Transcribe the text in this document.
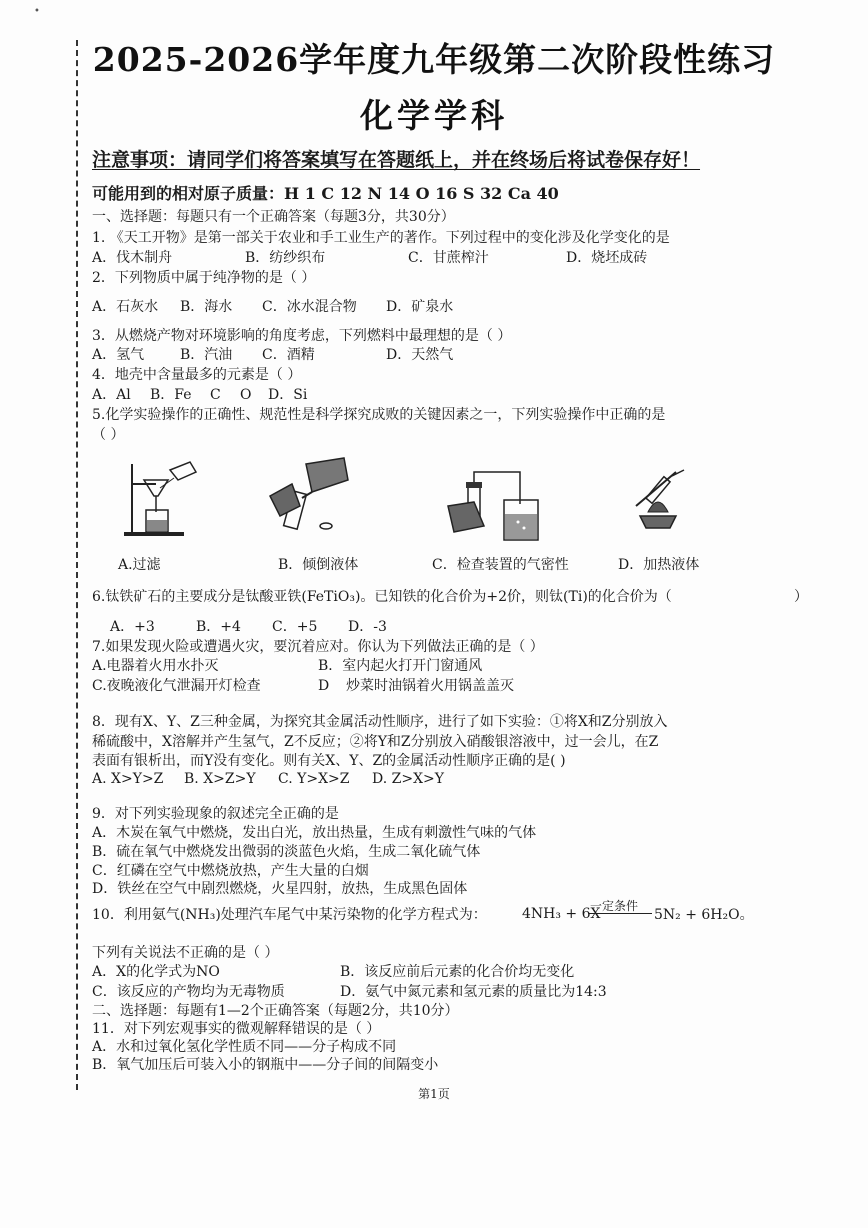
•
2025-2026学年度九年级第二次阶段性练习
化学学科
注意事项：请同学们将答案填写在答题纸上，并在终场后将试卷保存好！
可能用到的相对原子质量：H 1 C 12 N 14 O 16 S 32 Ca 40
一、选择题：每题只有一个正确答案（每题3分，共30分）
1. 《天工开物》是第一部关于农业和手工业生产的著作。下列过程中的变化涉及化学变化的是
A．伐木制舟	B．纺纱织布	C．甘蔗榨汁	D．烧坯成砖
2．下列物质中属于纯净物的是（ ）
A．石灰水 B．海水 C．冰水混合物 D．矿泉水
3．从燃烧产物对环境影响的角度考虑，下列燃料中最理想的是（ ）
A．氢气	B．汽油 C．酒精	D．天然气
4．地壳中含量最多的元素是（ ）
A．Al B．Fe C O D．Si
5.化学实验操作的正确性、规范性是科学探究成败的关键因素之一，下列实验操作中正确的是
（ ）
A.过滤	B．倾倒液体	C．检查装置的气密性	D．加热液体
6.钛铁矿石的主要成分是钛酸亚铁(FeTiO₃)。已知铁的化合价为+2价，则钛(Ti)的化合价为（	）
A．+3	B．+4 C．+5 D．-3
7.如果发现火险或遭遇火灾，要沉着应对。你认为下列做法正确的是（ ）
A.电器着火用水扑灭	B．室内起火打开门窗通风
C.夜晚液化气泄漏开灯检查	D 炒菜时油锅着火用锅盖盖灭
8．现有X、Y、Z三种金属，为探究其金属活动性顺序，进行了如下实验：①将X和Z分别放入
稀硫酸中，X溶解并产生氢气，Z不反应；②将Y和Z分别放入硝酸银溶液中，过一会儿，在Z
表面有银析出，而Y没有变化。则有关X、Y、Z的金属活动性顺序正确的是( )
A. X>Y>Z B. X>Z>Y C. Y>X>Z D. Z>X>Y
9．对下列实验现象的叙述完全正确的是
A．木炭在氧气中燃烧，发出白光，放出热量，生成有刺激性气味的气体
B．硫在氧气中燃烧发出微弱的淡蓝色火焰，生成二氧化硫气体
C．红磷在空气中燃烧放热，产生大量的白烟
D．铁丝在空气中剧烈燃烧，火星四射，放热，生成黑色固体
10．利用氨气(NH₃)处理汽车尾气中某污染物的化学方程式为：	4NH₃ + 6X
一定条件
5N₂ + 6H₂O。
下列有关说法不正确的是（ ）
A．X的化学式为NO	B．该反应前后元素的化合价均无变化
C．该反应的产物均为无毒物质	D．氨气中氮元素和氢元素的质量比为14:3
二、选择题：每题有1—2个正确答案（每题2分，共10分）
11．对下列宏观事实的微观解释错误的是（ ）
A．水和过氧化氢化学性质不同——分子构成不同
B．氧气加压后可装入小的钢瓶中——分子间的间隔变小
第1页
